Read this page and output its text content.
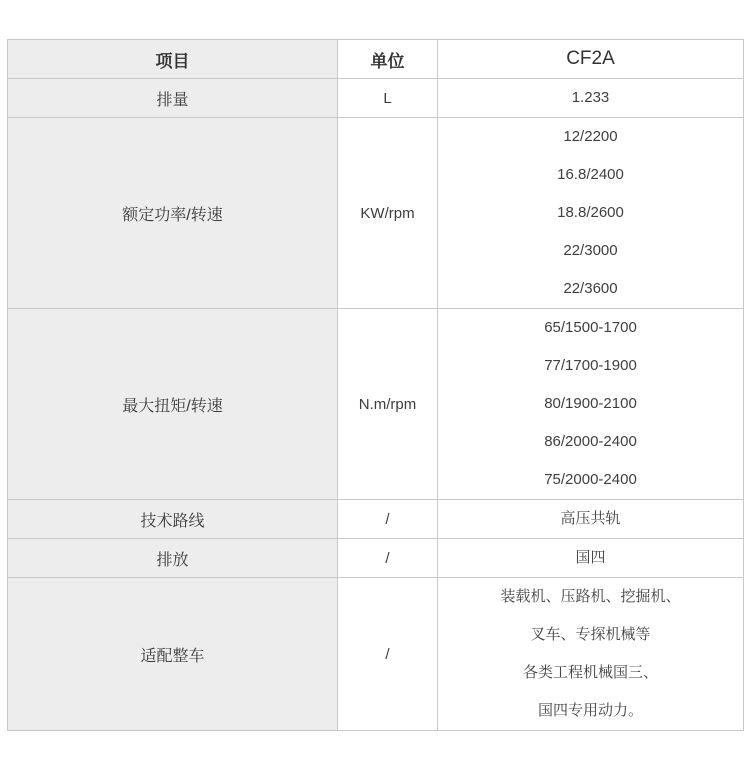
项目	单位	CF2A
排量	L	1.233

额定功率/转速	KW/rpm	12/2200
16.8/2400
18.8/2600
22/3000
22/3600

最大扭矩/转速	N.m/rpm	65/1500-1700
77/1700-1900
80/1900-2100
86/2000-2400
75/2000-2400

技术路线	/	高压共轨

排放	/	国四

适配整车	/	装载机、压路机、挖掘机、
叉车、专探机械等
各类工程机械国三、
国四专用动力。
